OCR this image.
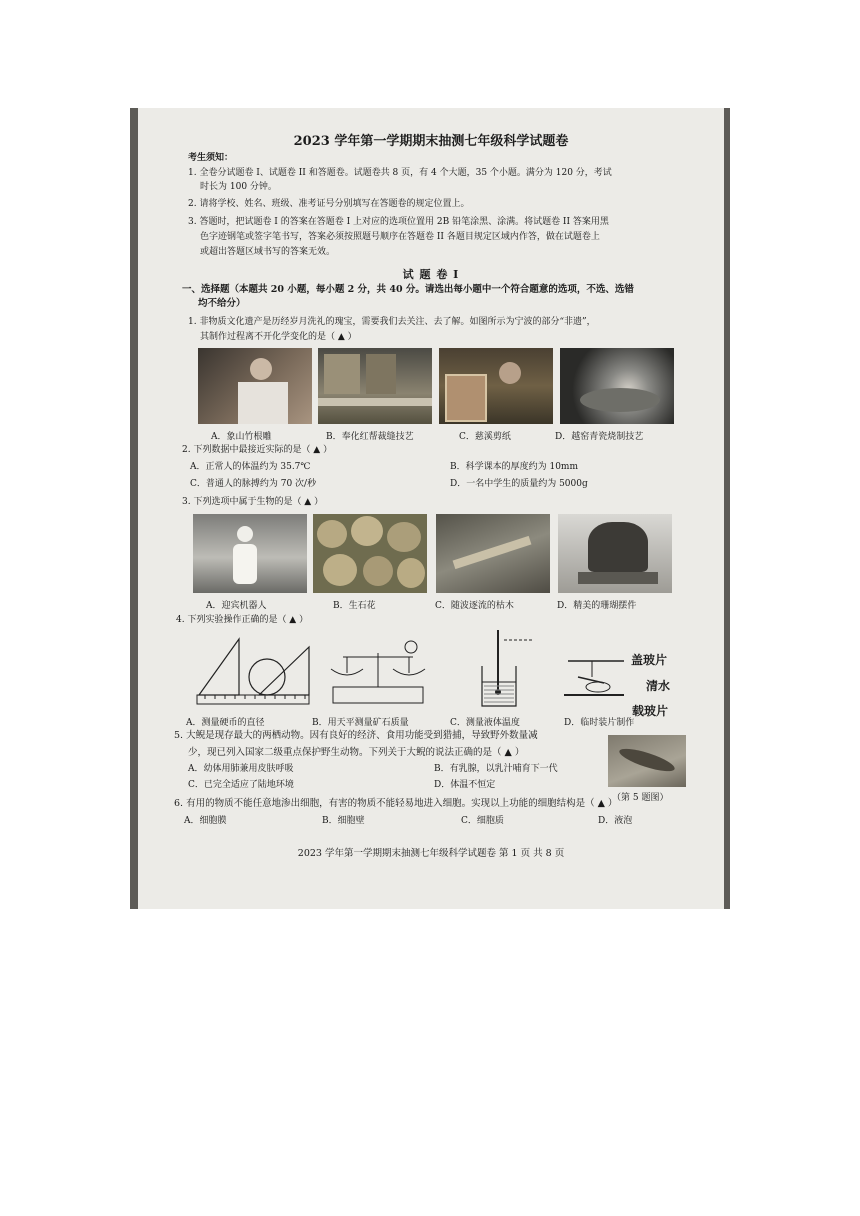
2023 学年第一学期期末抽测七年级科学试题卷
考生须知：
1. 全卷分试题卷 I、试题卷 II 和答题卷。试题卷共 8 页，有 4 个大题，35 个小题。满分为 120 分，考试
时长为 100 分钟。
2. 请将学校、姓名、班级、准考证号分别填写在答题卷的规定位置上。
3. 答题时，把试题卷 I 的答案在答题卷 I 上对应的选项位置用 2B 铅笔涂黑、涂满。将试题卷 II 答案用黑
色字迹钢笔或签字笔书写，答案必须按照题号顺序在答题卷 II 各题目规定区域内作答，做在试题卷上
或超出答题区域书写的答案无效。
试 题 卷 I
一、选择题（本题共 20 小题，每小题 2 分，共 40 分。请选出每小题中一个符合题意的选项，不选、选错
均不给分）
1. 非物质文化遗产是历经岁月洗礼的瑰宝，需要我们去关注、去了解。如图所示为宁波的部分“非遗”，
其制作过程离不开化学变化的是（ ▲ ）
A．象山竹根雕	B．奉化红帮裁缝技艺	C．慈溪剪纸	D．越窑青瓷烧制技艺
2. 下列数据中最接近实际的是（ ▲ ）
A．正常人的体温约为 35.7℃	B．科学课本的厚度约为 10mm
C．普通人的脉搏约为 70 次/秒	D．一名中学生的质量约为 5000g
3. 下列选项中属于生物的是（ ▲ ）
A．迎宾机器人	B．生石花	C．随波逐流的枯木	D．精美的珊瑚摆件
4. 下列实验操作正确的是（ ▲ ）
盖玻片
清水
载玻片
A．测量硬币的直径	B．用天平测量矿石质量	C．测量液体温度	D．临时装片制作
5. 大鲵是现存最大的两栖动物。因有良好的经济、食用功能受到猎捕，导致野外数量减
少，现已列入国家二级重点保护野生动物。下列关于大鲵的说法正确的是（ ▲ ）
A．幼体用肺兼用皮肤呼吸	B．有乳腺，以乳汁哺育下一代
C．已完全适应了陆地环境	D．体温不恒定
（第 5 题图）
6. 有用的物质不能任意地渗出细胞，有害的物质不能轻易地进入细胞。实现以上功能的细胞结构是（ ▲ ）
A．细胞膜	B．细胞壁	C．细胞质	D．液泡
2023 学年第一学期期末抽测七年级科学试题卷 第 1 页 共 8 页
